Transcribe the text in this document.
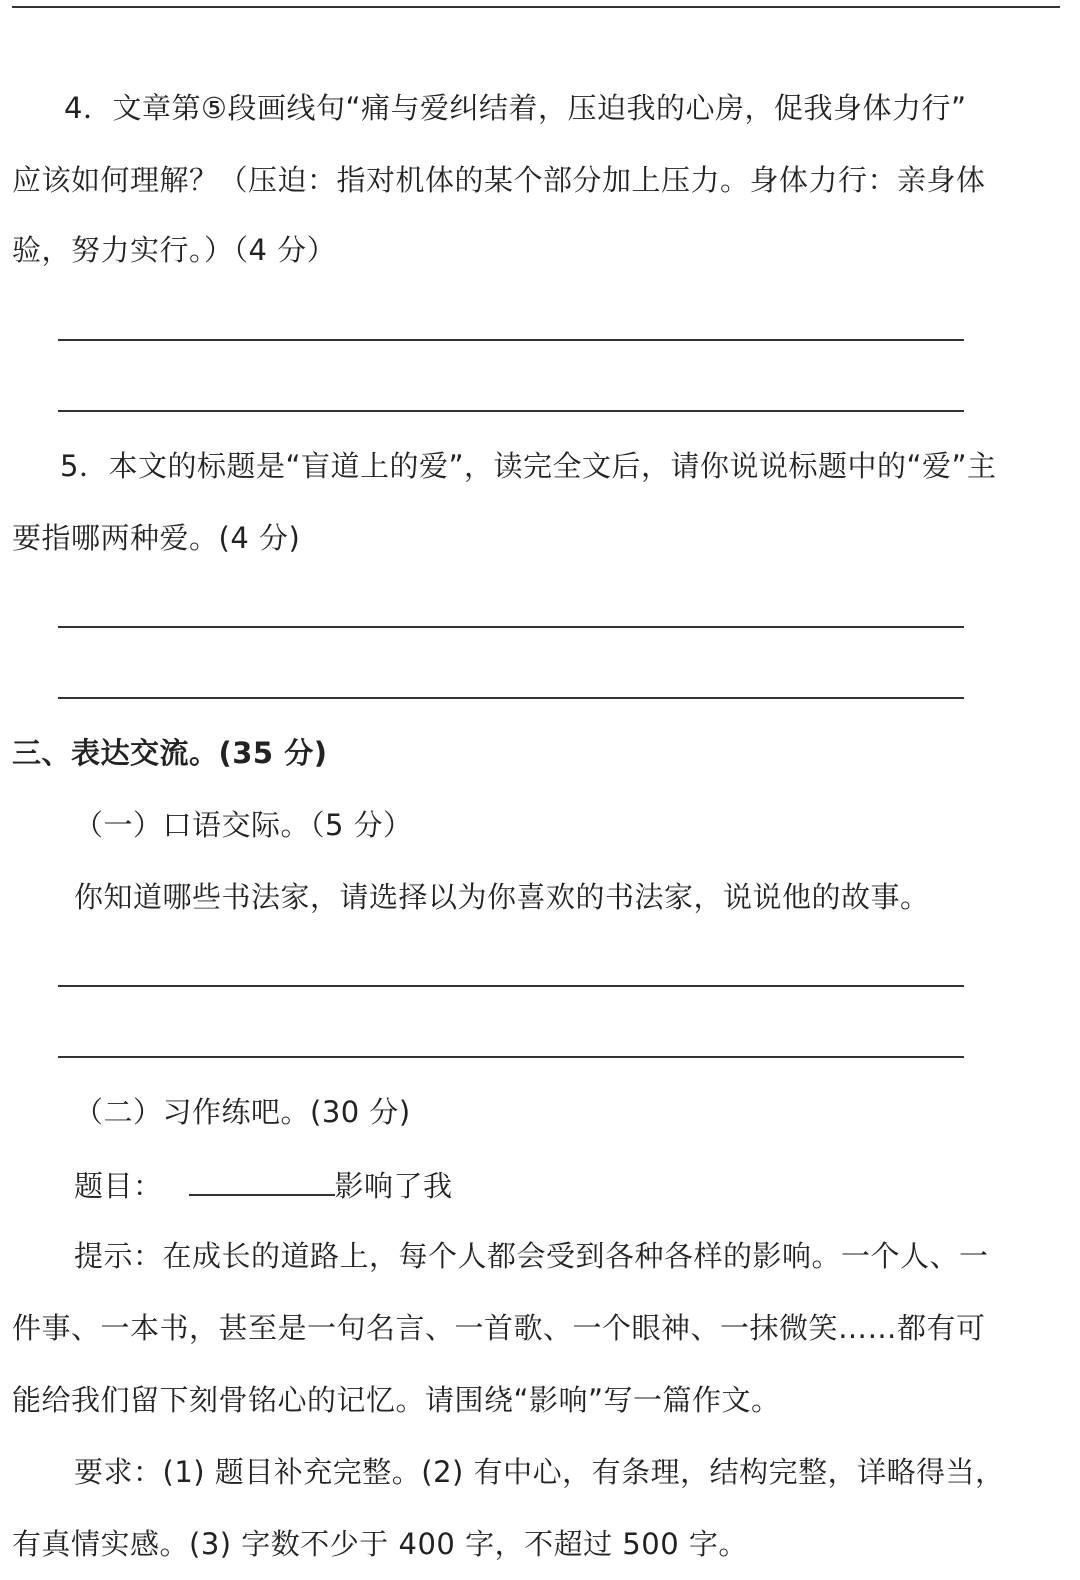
4．文章第⑤段画线句“痛与爱纠结着，压迫我的心房，促我身体力行”
应该如何理解？（压迫：指对机体的某个部分加上压力。身体力行：亲身体
验，努力实行。）（4 分）
5．本文的标题是“盲道上的爱”，读完全文后，请你说说标题中的“爱”主
要指哪两种爱。(4 分)
三、表达交流。(35 分)
（一）口语交际。（5 分）
你知道哪些书法家，请选择以为你喜欢的书法家，说说他的故事。
（二）习作练吧。(30 分)
题目：	影响了我
提示：在成长的道路上，每个人都会受到各种各样的影响。一个人、一
件事、一本书，甚至是一句名言、一首歌、一个眼神、一抹微笑……都有可
能给我们留下刻骨铭心的记忆。请围绕“影响”写一篇作文。
要求：(1) 题目补充完整。(2) 有中心，有条理，结构完整，详略得当，
有真情实感。(3) 字数不少于 400 字，不超过 500 字。
